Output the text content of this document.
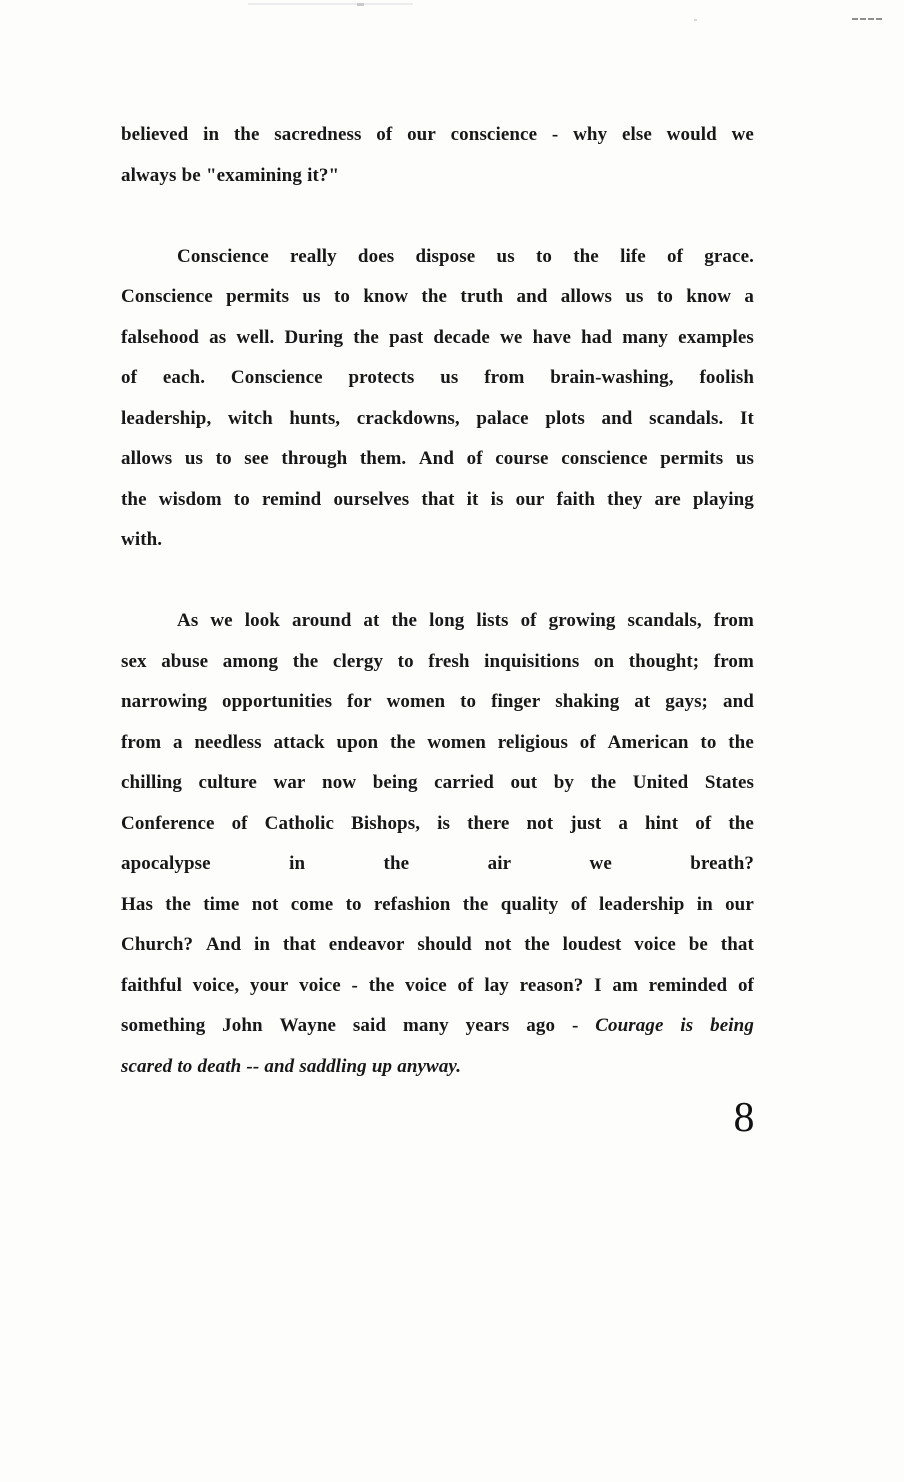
believed in the sacredness of our conscience - why else would we
always be "examining it?"
Conscience really does dispose us to the life of grace.
Conscience permits us to know the truth and allows us to know a
falsehood as well. During the past decade we have had many examples
of each. Conscience protects us from brain-washing, foolish
leadership, witch hunts, crackdowns, palace plots and scandals. It
allows us to see through them. And of course conscience permits us
the wisdom to remind ourselves that it is our faith they are playing
with.
As we look around at the long lists of growing scandals, from
sex abuse among the clergy to fresh inquisitions on thought; from
narrowing opportunities for women to finger shaking at gays; and
from a needless attack upon the women religious of American to the
chilling culture war now being carried out by the United States
Conference of Catholic Bishops, is there not just a hint of the
apocalypse	in	the	air	we	breath?
Has the time not come to refashion the quality of leadership in our
Church? And in that endeavor should not the loudest voice be that
faithful voice, your voice - the voice of lay reason? I am reminded of
something John Wayne said many years ago - Courage is being
scared to death -- and saddling up anyway.
8
